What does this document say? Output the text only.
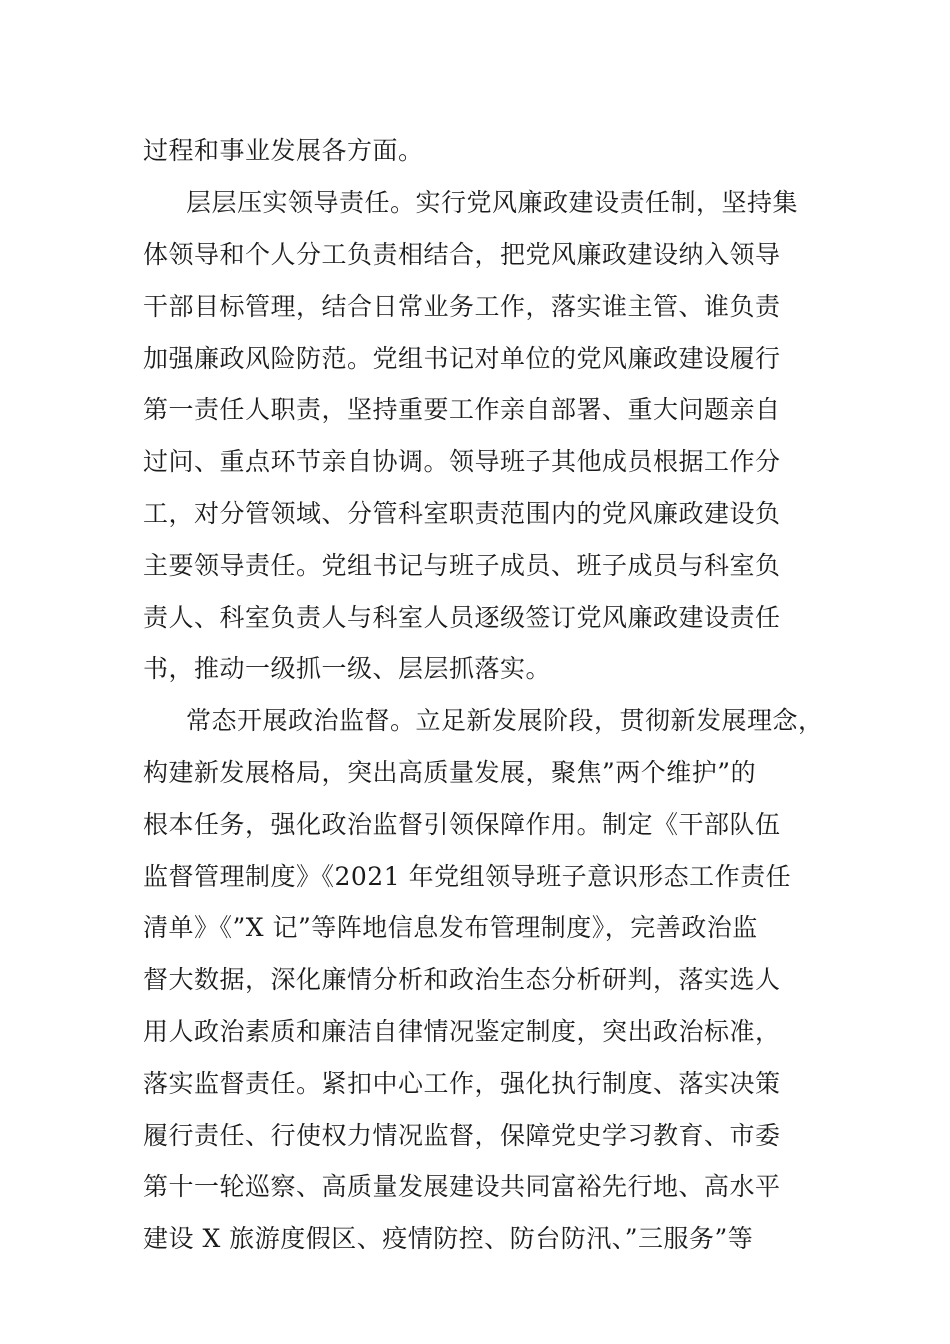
过程和事业发展各方面。
层层压实领导责任。实行党风廉政建设责任制，坚持集
体领导和个人分工负责相结合，把党风廉政建设纳入领导
干部目标管理，结合日常业务工作，落实谁主管、谁负责
加强廉政风险防范。党组书记对单位的党风廉政建设履行
第一责任人职责，坚持重要工作亲自部署、重大问题亲自
过问、重点环节亲自协调。领导班子其他成员根据工作分
工，对分管领域、分管科室职责范围内的党风廉政建设负
主要领导责任。党组书记与班子成员、班子成员与科室负
责人、科室负责人与科室人员逐级签订党风廉政建设责任
书，推动一级抓一级、层层抓落实。
常态开展政治监督。立足新发展阶段，贯彻新发展理念，
构建新发展格局，突出高质量发展，聚焦”两个维护”的
根本任务，强化政治监督引领保障作用。制定《干部队伍
监督管理制度》《2021 年党组领导班子意识形态工作责任
清单》《”X 记”等阵地信息发布管理制度》，完善政治监
督大数据，深化廉情分析和政治生态分析研判，落实选人
用人政治素质和廉洁自律情况鉴定制度，突出政治标准，
落实监督责任。紧扣中心工作，强化执行制度、落实决策
履行责任、行使权力情况监督，保障党史学习教育、市委
第十一轮巡察、高质量发展建设共同富裕先行地、高水平
建设 X 旅游度假区、疫情防控、防台防汛、”三服务”等
